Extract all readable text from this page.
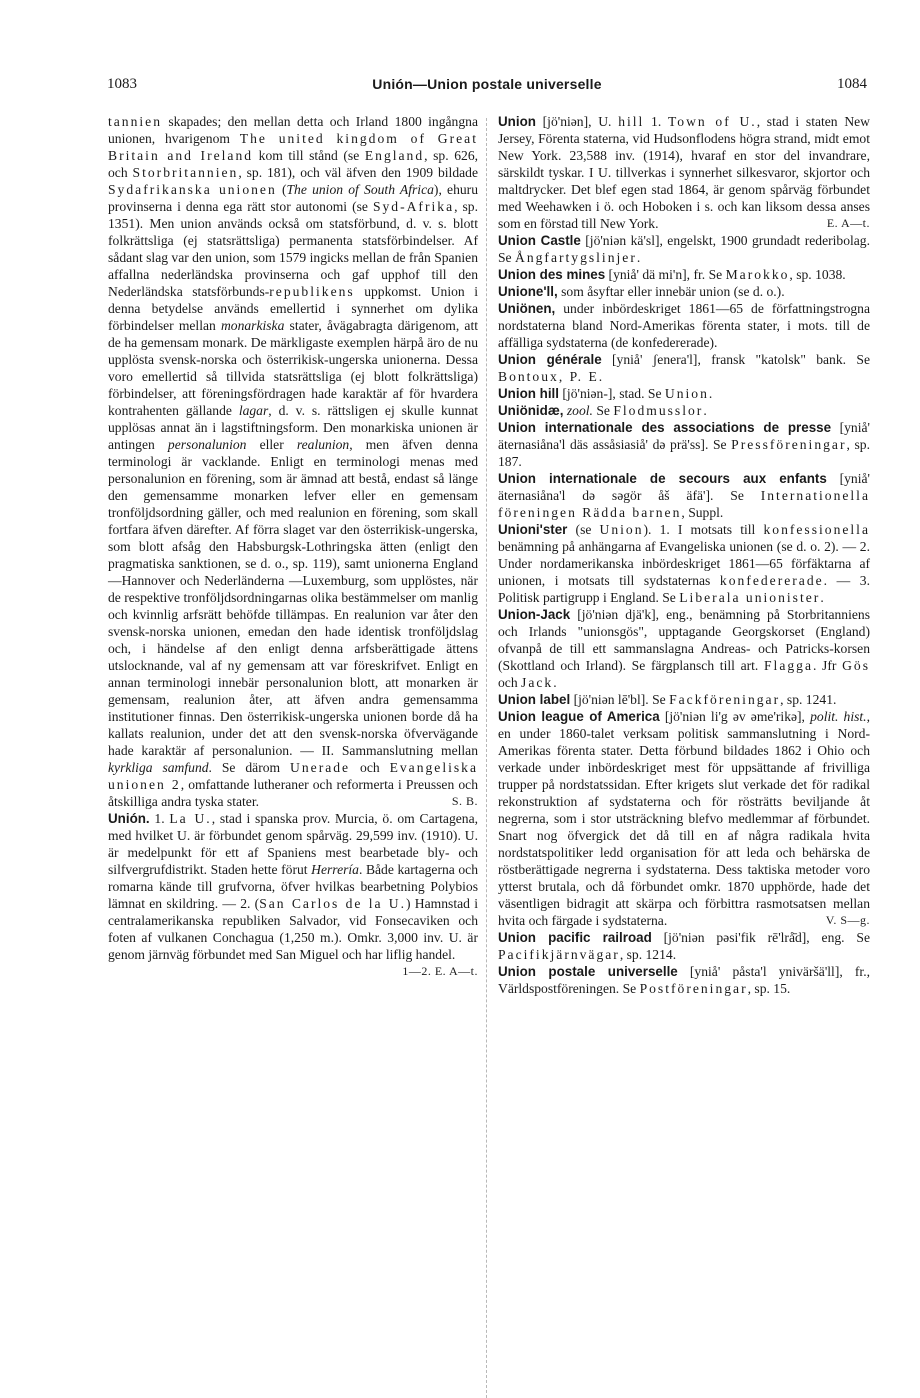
1083	Unión—Union postale universelle	1084

tannien skapades; den mellan detta och Irland 1800 ingångna unionen, hvarigenom The united kingdom of Great Britain and Ireland kom till stånd (se England, sp. 626, och Storbritannien, sp. 181), och väl äfven den 1909 bildade Sydafrikanska unionen (The union of South Africa), ehuru provinserna i denna ega rätt stor autonomi (se Syd-Afrika, sp. 1351). Men union används också om statsförbund, d. v. s. blott folkrättsliga (ej statsrättsliga) permanenta statsförbindelser. Af sådant slag var den union, som 1579 ingicks mellan de från Spanien affallna nederländska provinserna och gaf upphof till den Nederländska statsförbunds-republikens uppkomst. Union i denna betydelse används emellertid i synnerhet om dylika förbindelser mellan monarkiska stater, åvägabragta därigenom, att de ha gemensam monark. De märkligaste exemplen härpå äro de nu upplösta svensk-norska och österrikisk-ungerska unionerna. Dessa voro emellertid så tillvida statsrättsliga (ej blott folkrättsliga) förbindelser, att föreningsfördragen hade karaktär af för hvardera kontrahenten gällande lagar, d. v. s. rättsligen ej skulle kunnat upplösas annat än i lagstiftningsform. Den monarkiska unionen är antingen personalunion eller realunion, men äfven denna terminologi är vacklande. Enligt en terminologi menas med personalunion en förening, som är ämnad att bestå, endast så länge den gemensamme monarken lefver eller en gemensam tronföljdsordning gäller, och med realunion en förening, som skall fortfara äfven därefter. Af förra slaget var den österrikisk-ungerska, som blott afsåg den Habsburgsk-Lothringska ätten (enligt den pragmatiska sanktionen, se d. o., sp. 119), samt unionerna England—Hannover och Nederländerna —Luxemburg, som upplöstes, när de respektive tronföljdsordningarnas olika bestämmelser om manlig och kvinnlig arfsrätt behöfde tillämpas. En realunion var åter den svensk-norska unionen, emedan den hade identisk tronföljdslag och, i händelse af den enligt denna arfsberättigade ättens utslocknande, val af ny gemensam att var föreskrifvet. Enligt en annan terminologi innebär personalunion blott, att monarken är gemensam, realunion åter, att äfven andra gemensamma institutioner finnas. Den österrikisk-ungerska unionen borde då ha kallats realunion, under det att den svensk-norska öfvervägande hade karaktär af personalunion. — II. Sammanslutning mellan kyrkliga samfund. Se därom Unerade och Evangeliska unionen 2, omfattande lutheraner och reformerta i Preussen och åtskilliga andra tyska stater.	S. B.

Unión. 1. La U., stad i spanska prov. Murcia, ö. om Cartagena, med hvilket U. är förbundet genom spårväg. 29,599 inv. (1910). U. är medelpunkt för ett af Spaniens mest bearbetade bly- och silfvergrufdistrikt. Staden hette förut Herrería. Både kartagerna och romarna kände till grufvorna, öfver hvilkas bearbetning Polybios lämnat en skildring. — 2. (San Carlos de la U.) Hamnstad i centralamerikanska republiken Salvador, vid Fonsecaviken och foten af vulkanen Conchagua (1,250 m.). Omkr. 3,000 inv. U. är genom järnväg förbundet med San Miguel och har liflig handel.
1—2. E. A—t.

Union [jö'niən], U. hill 1. Town of U., stad i staten New Jersey, Förenta staterna, vid Hudsonflodens högra strand, midt emot New York. 23,588 inv. (1914), hvaraf en stor del invandrare, särskildt tyskar. I U. tillverkas i synnerhet silkesvaror, skjortor och maltdrycker. Det blef egen stad 1864, är genom spårväg förbundet med Weehawken i ö. och Hoboken i s. och kan liksom dessa anses som en förstad till New York.	E. A—t.

Union Castle [jö'niən kä'sl], engelskt, 1900 grundadt rederibolag. Se Ångfartygslinjer.

Union des mines [yniå' dä mi'n], fr. Se Marokko, sp. 1038.

Unione'll, som åsyftar eller innebär union (se d. o.).

Uniönen, under inbördeskriget 1861—65 de författningstrogna nordstaterna bland Nord-Amerikas förenta stater, i mots. till de affälliga sydstaterna (de konfedererade).

Union générale [yniå' ʃenera'l], fransk "katolsk" bank. Se Bontoux, P. E.

Union hill [jö'niən-], stad. Se Union.

Uniönidæ, zool. Se Flodmusslor.

Union internationale des associations de presse [yniå' äternasiåna'l däs assåsiasiå' də prä'ss]. Se Pressföreningar, sp. 187.

Union internationale de secours aux enfants [yniå' äternasiåna'l də səgör åš äfä']. Se Internationella föreningen Rädda barnen, Suppl.

Unioni'ster (se Union). 1. I motsats till konfessionella benämning på anhängarna af Evangeliska unionen (se d. o. 2). — 2. Under nordamerikanska inbördeskriget 1861—65 förfäktarna af unionen, i motsats till sydstaternas konfedererade. — 3. Politisk partigrupp i England. Se Liberala unionister.

Union-Jack [jö'niən djä'k], eng., benämning på Storbritanniens och Irlands "unionsgös", upptagande Georgskorset (England) ofvanpå de till ett sammanslagna Andreas- och Patricks-korsen (Skottland och Irland). Se färgplansch till art. Flagga. Jfr Gös och Jack.

Union label [jö'niən lē'bl]. Se Fackföreningar, sp. 1241.

Union league of America [jö'niən li'g əv əme'rikə], polit. hist., en under 1860-talet verksam politisk sammanslutning i Nord-Amerikas förenta stater. Detta förbund bildades 1862 i Ohio och verkade under inbördeskriget mest för uppsättande af frivilliga trupper på nordstatssidan. Efter krigets slut verkade det för radikal rekonstruktion af sydstaterna och för rösträtts beviljande åt negrerna, som i stor utsträckning blefvo medlemmar af förbundet. Snart nog öfvergick det då till en af några radikala hvita nordstatspolitiker ledd organisation för att leda och behärska de röstberättigade negrerna i sydstaterna. Dess taktiska metoder voro ytterst brutala, och då förbundet omkr. 1870 upphörde, hade det väsentligen bidragit att skärpa och förbittra rasmotsatsen mellan hvita och färgade i sydstaterna.	V. S—g.

Union pacific railroad [jö'niən pəsi'fik rē'lrå̄d], eng. Se Pacifikjärnvägar, sp. 1214.

Union postale universelle [yniå' påsta'l yniväršä'll], fr., Världspostföreningen. Se Postföreningar, sp. 15.
